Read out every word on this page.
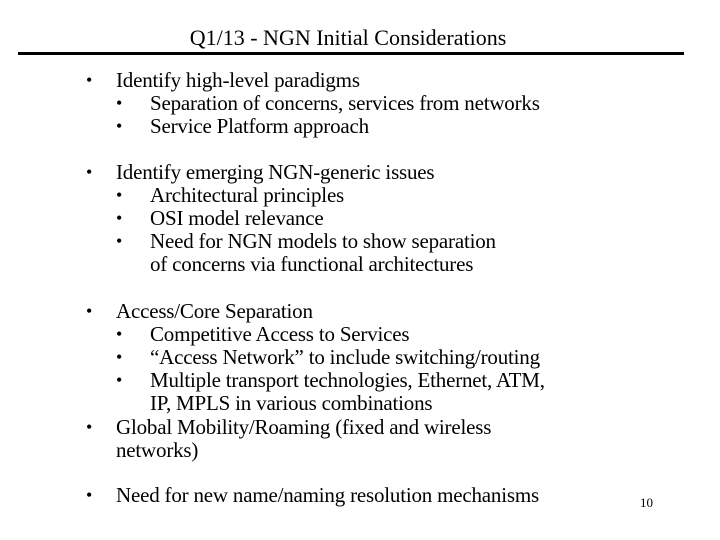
Q1/13 - NGN Initial Considerations
• Identify high-level paradigms
• Separation of concerns, services from networks
• Service Platform approach
• Identify emerging NGN-generic issues
• Architectural principles
• OSI model relevance
• Need for NGN models to show separation
of concerns via functional architectures
• Access/Core Separation
• Competitive Access to Services
• “Access Network” to include switching/routing
• Multiple transport technologies, Ethernet, ATM,
IP, MPLS in various combinations
• Global Mobility/Roaming (fixed and wireless
networks)
• Need for new name/naming resolution mechanisms	10
